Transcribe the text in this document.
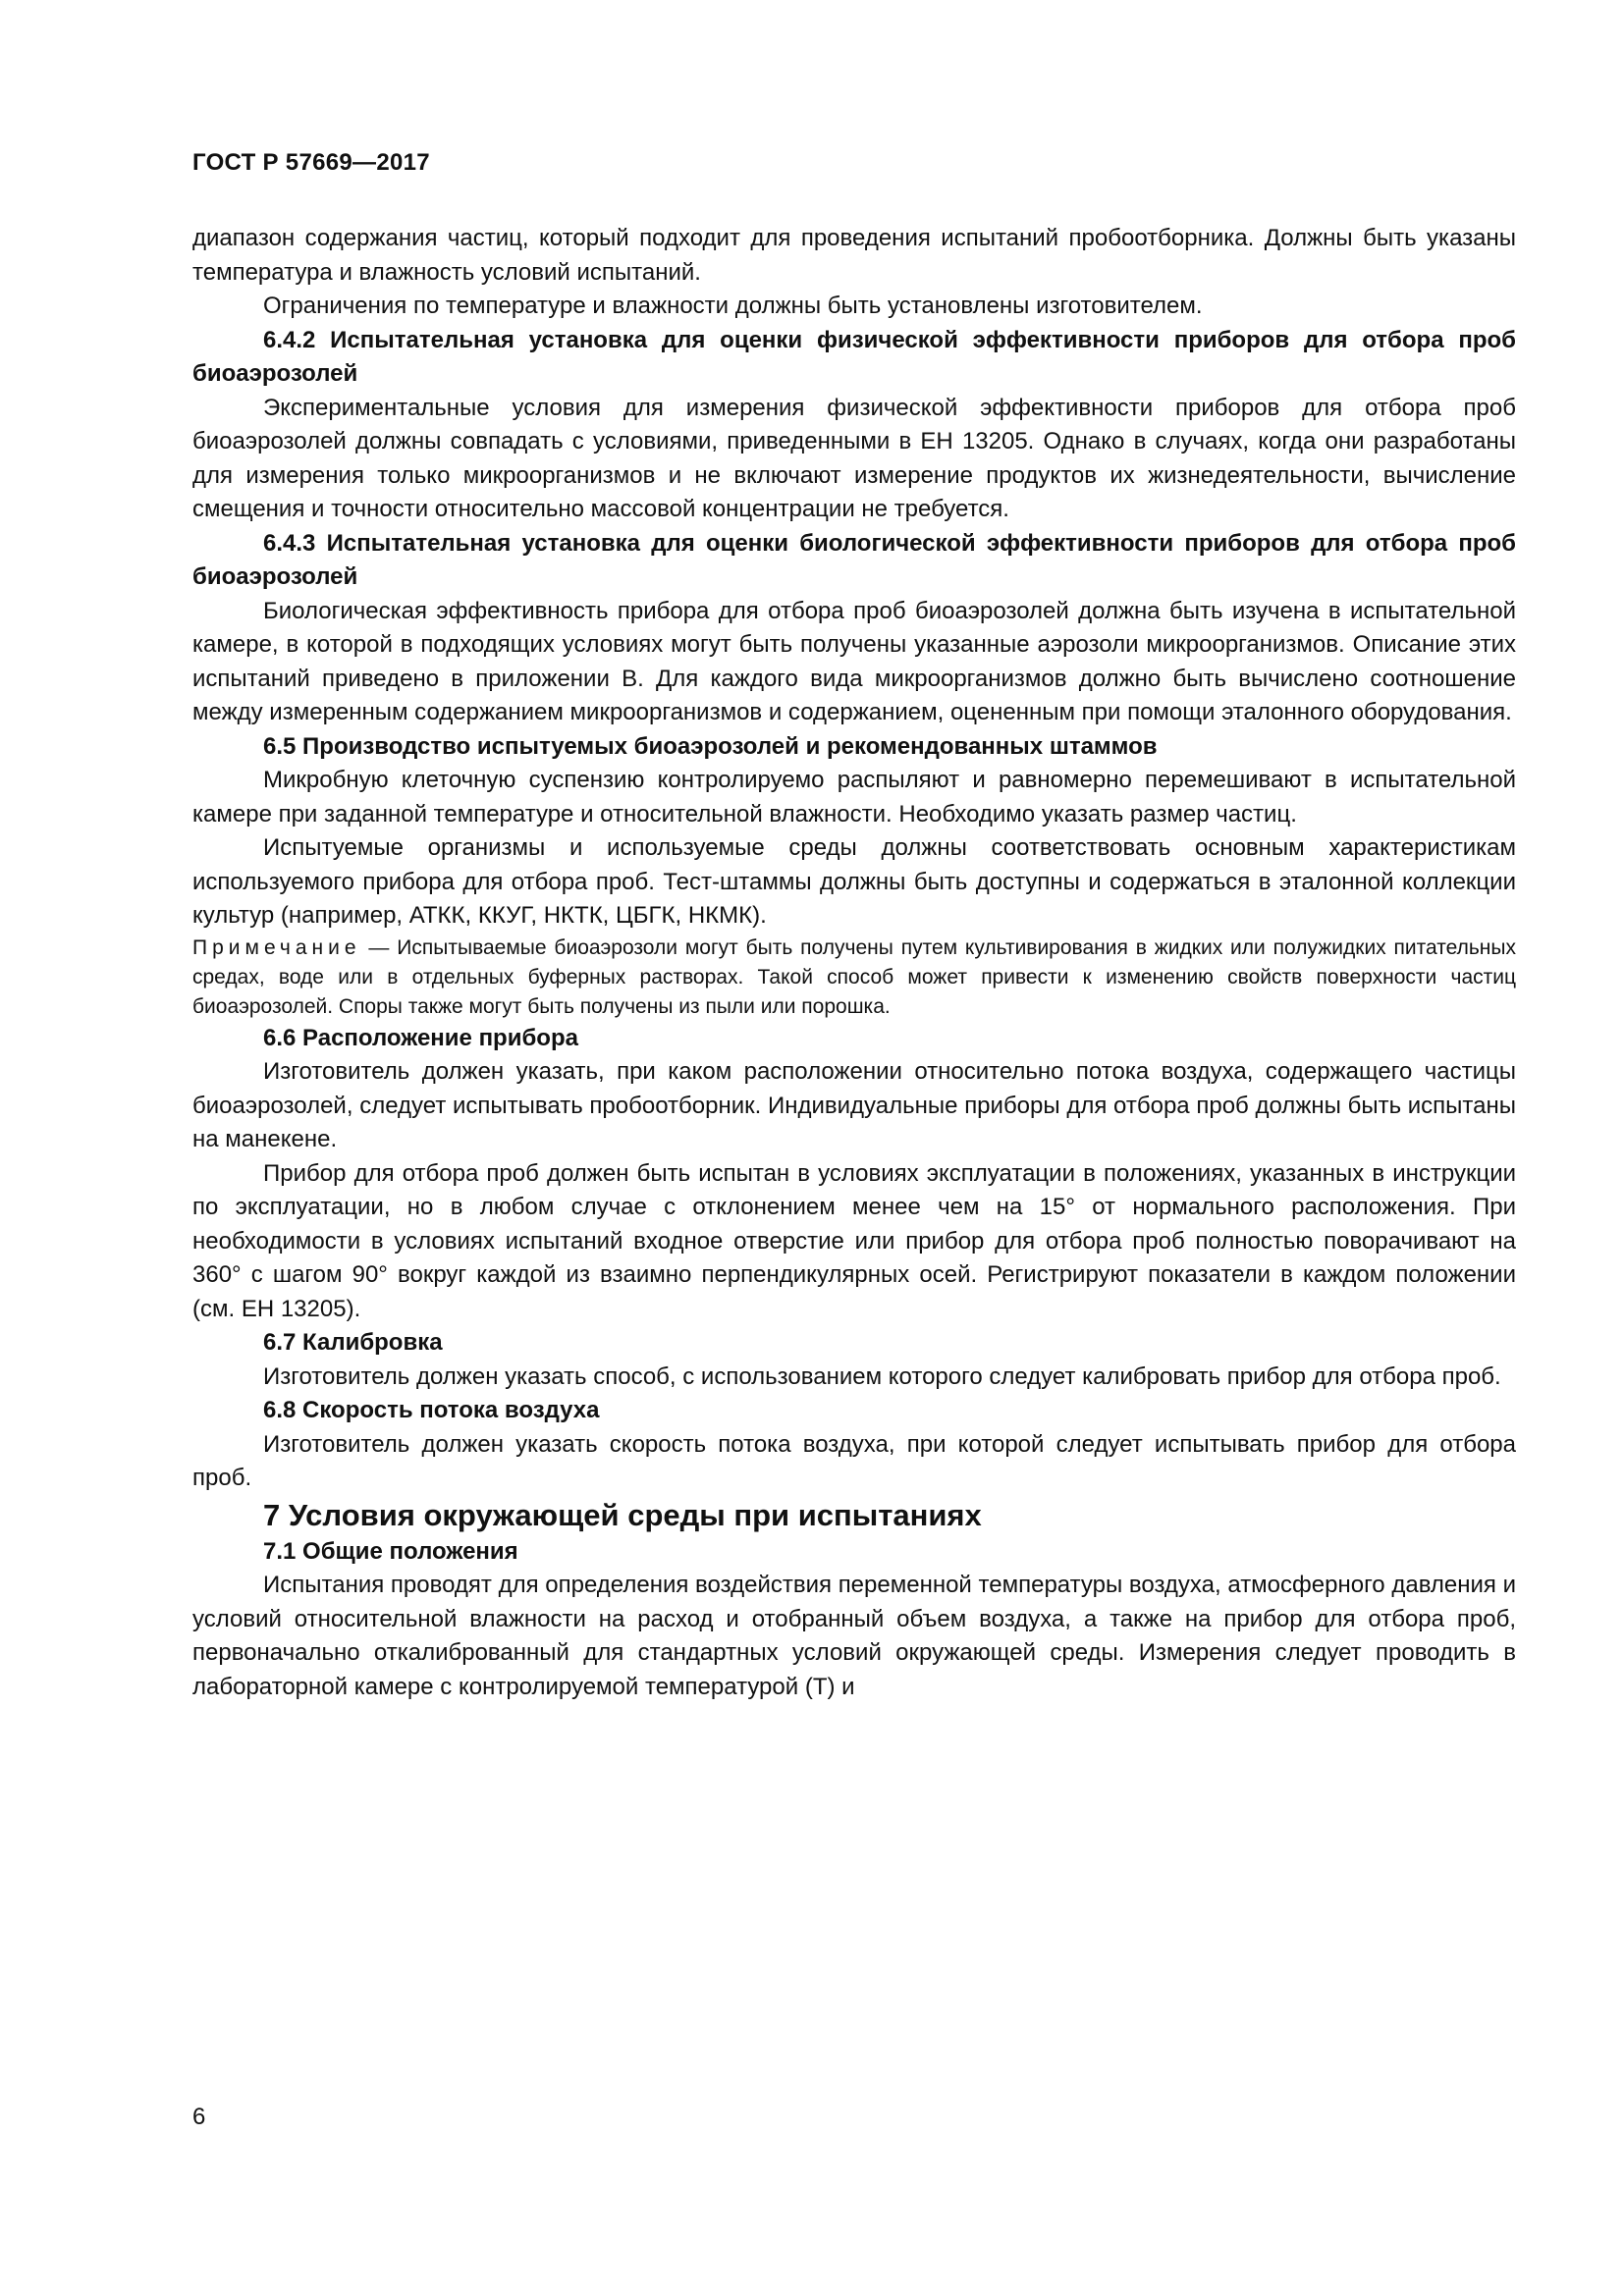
ГОСТ Р 57669—2017

диапазон содержания частиц, который подходит для проведения испытаний пробоотборника. Должны быть указаны температура и влажность условий испытаний.

Ограничения по температуре и влажности должны быть установлены изготовителем.

6.4.2 Испытательная установка для оценки физической эффективности приборов для отбора проб биоаэрозолей

Экспериментальные условия для измерения физической эффективности приборов для отбора проб биоаэрозолей должны совпадать с условиями, приведенными в ЕН 13205. Однако в случаях, когда они разработаны для измерения только микроорганизмов и не включают измерение продуктов их жизнедеятельности, вычисление смещения и точности относительно массовой концентрации не требуется.

6.4.3 Испытательная установка для оценки биологической эффективности приборов для отбора проб биоаэрозолей

Биологическая эффективность прибора для отбора проб биоаэрозолей должна быть изучена в испытательной камере, в которой в подходящих условиях могут быть получены указанные аэрозоли микроорганизмов. Описание этих испытаний приведено в приложении В. Для каждого вида микроорганизмов должно быть вычислено соотношение между измеренным содержанием микроорганизмов и содержанием, оцененным при помощи эталонного оборудования.

6.5 Производство испытуемых биоаэрозолей и рекомендованных штаммов

Микробную клеточную суспензию контролируемо распыляют и равномерно перемешивают в испытательной камере при заданной температуре и относительной влажности. Необходимо указать размер частиц.

Испытуемые организмы и используемые среды должны соответствовать основным характеристикам используемого прибора для отбора проб. Тест-штаммы должны быть доступны и содержаться в эталонной коллекции культур (например, АТКК, ККУГ, НКТК, ЦБГК, НКМК).

Примечание — Испытываемые биоаэрозоли могут быть получены путем культивирования в жидких или полужидких питательных средах, воде или в отдельных буферных растворах. Такой способ может привести к изменению свойств поверхности частиц биоаэрозолей. Споры также могут быть получены из пыли или порошка.

6.6 Расположение прибора

Изготовитель должен указать, при каком расположении относительно потока воздуха, содержащего частицы биоаэрозолей, следует испытывать пробоотборник. Индивидуальные приборы для отбора проб должны быть испытаны на манекене.

Прибор для отбора проб должен быть испытан в условиях эксплуатации в положениях, указанных в инструкции по эксплуатации, но в любом случае с отклонением менее чем на 15° от нормального расположения. При необходимости в условиях испытаний входное отверстие или прибор для отбора проб полностью поворачивают на 360° с шагом 90° вокруг каждой из взаимно перпендикулярных осей. Регистрируют показатели в каждом положении (см. ЕН 13205).

6.7 Калибровка

Изготовитель должен указать способ, с использованием которого следует калибровать прибор для отбора проб.

6.8 Скорость потока воздуха

Изготовитель должен указать скорость потока воздуха, при которой следует испытывать прибор для отбора проб.

7 Условия окружающей среды при испытаниях

7.1 Общие положения

Испытания проводят для определения воздействия переменной температуры воздуха, атмосферного давления и условий относительной влажности на расход и отобранный объем воздуха, а также на прибор для отбора проб, первоначально откалиброванный для стандартных условий окружающей среды. Измерения следует проводить в лабораторной камере с контролируемой температурой (Т) и

6
